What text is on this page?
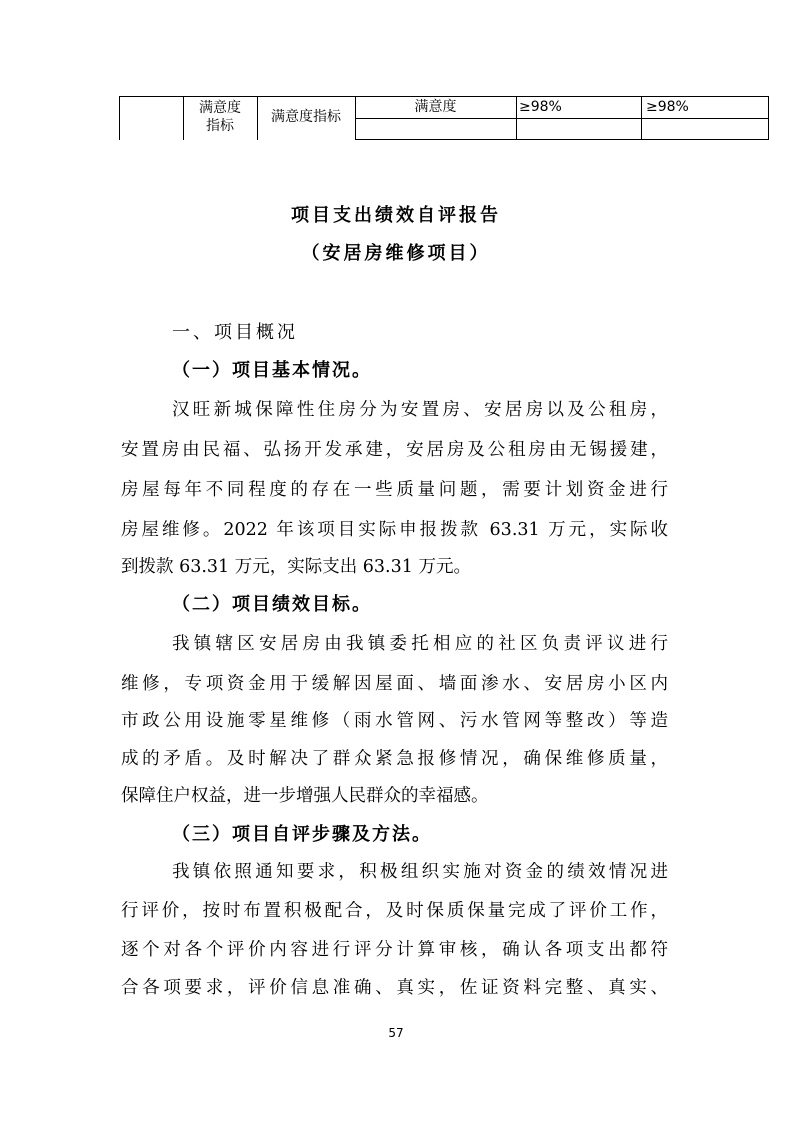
满意度
指标
满意度指标
满意度	≥98%	≥98%
项目支出绩效自评报告
（安居房维修项目）
一、项目概况
（一）项目基本情况。
汉旺新城保障性住房分为安置房、安居房以及公租房，
安置房由民福、弘扬开发承建，安居房及公租房由无锡援建，
房屋每年不同程度的存在一些质量问题，需要计划资金进行
房屋维修。2022 年该项目实际申报拨款 63.31 万元，实际收
到拨款 63.31 万元，实际支出 63.31 万元。
（二）项目绩效目标。
我镇辖区安居房由我镇委托相应的社区负责评议进行
维修，专项资金用于缓解因屋面、墙面渗水、安居房小区内
市政公用设施零星维修（雨水管网、污水管网等整改）等造
成的矛盾。及时解决了群众紧急报修情况，确保维修质量，
保障住户权益，进一步增强人民群众的幸福感。
（三）项目自评步骤及方法。
我镇依照通知要求，积极组织实施对资金的绩效情况进
行评价，按时布置积极配合，及时保质保量完成了评价工作，
逐个对各个评价内容进行评分计算审核，确认各项支出都符
合各项要求，评价信息准确、真实，佐证资料完整、真实、
57
